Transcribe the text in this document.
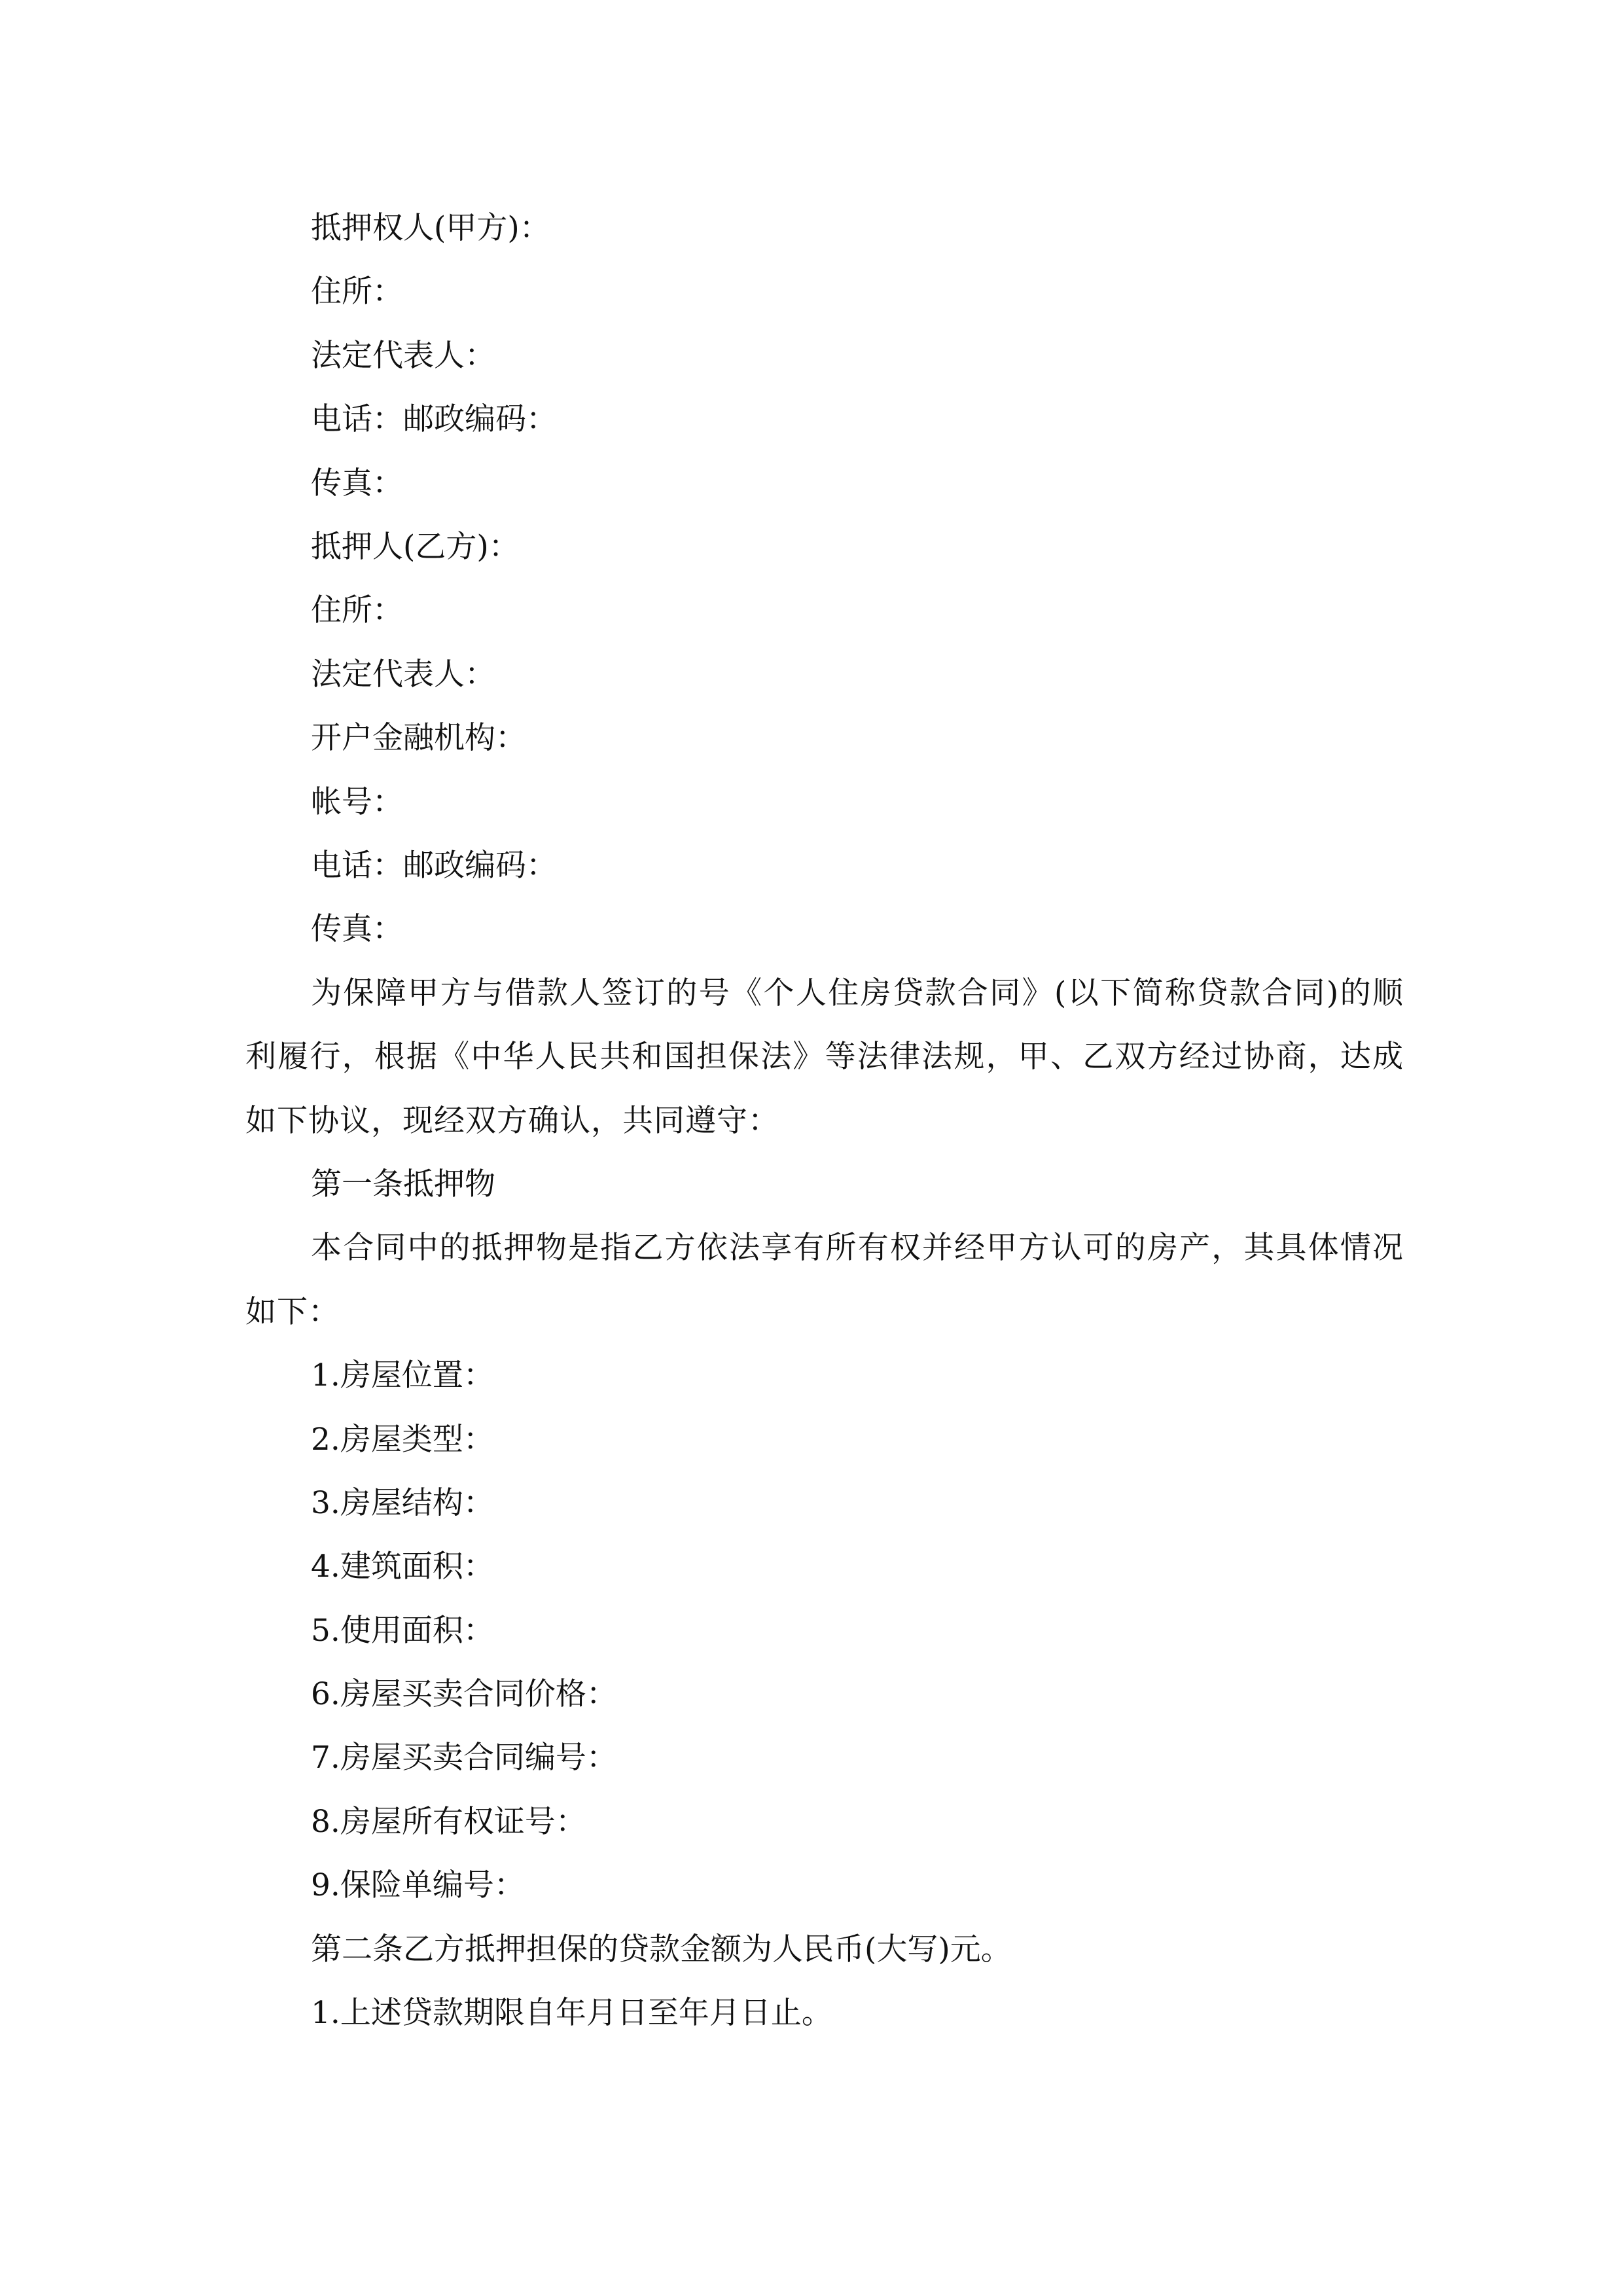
抵押权人(甲方)：

住所：

法定代表人：

电话：邮政编码：

传真：

抵押人(乙方)：

住所：

法定代表人：

开户金融机构：

帐号：

电话：邮政编码：

传真：

为保障甲方与借款人签订的号《个人住房贷款合同》(以下简称贷款合同)的顺利履行，根据《中华人民共和国担保法》等法律法规，甲、乙双方经过协商，达成如下协议，现经双方确认，共同遵守：

第一条抵押物

本合同中的抵押物是指乙方依法享有所有权并经甲方认可的房产，其具体情况如下：

1.房屋位置：

2.房屋类型：

3.房屋结构：

4.建筑面积：

5.使用面积：

6.房屋买卖合同价格：

7.房屋买卖合同编号：

8.房屋所有权证号：

9.保险单编号：

第二条乙方抵押担保的贷款金额为人民币(大写)元。

1.上述贷款期限自年月日至年月日止。
